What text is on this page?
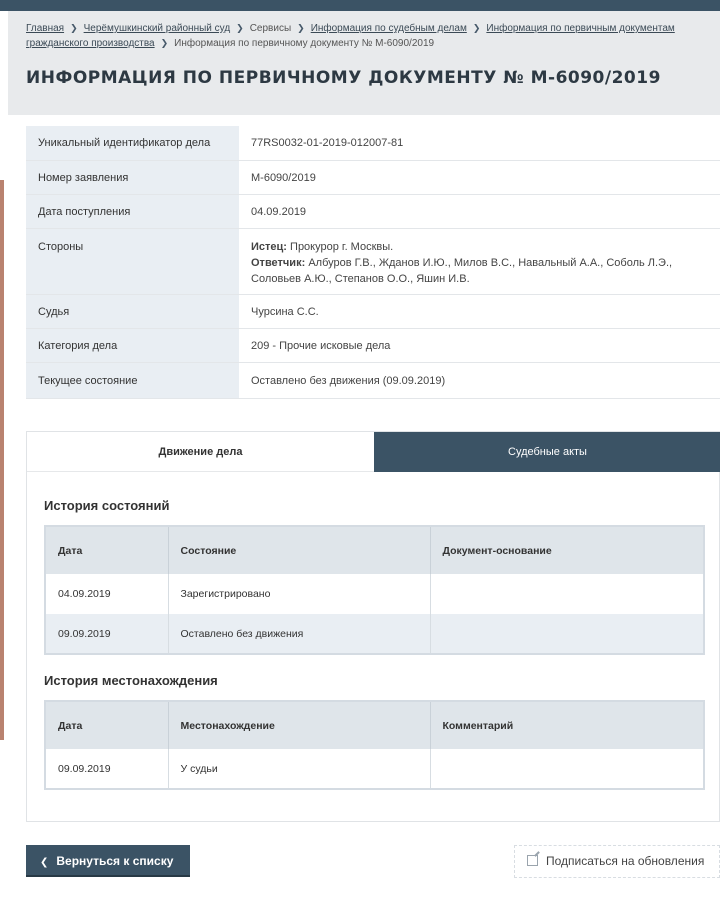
Главная ❯ Черёмушкинский районный суд ❯ Сервисы ❯ Информация по судебным делам ❯ Информация по первичным документам гражданского производства ❯ Информация по первичному документу № М-6090/2019
ИНФОРМАЦИЯ ПО ПЕРВИЧНОМУ ДОКУМЕНТУ № М-6090/2019
Уникальный идентификатор дела	77RS0032-01-2019-012007-81
Номер заявления	М-6090/2019
Дата поступления	04.09.2019
Стороны	Истец: Прокурор г. Москвы.
Ответчик: Албуров Г.В., Жданов И.Ю., Милов В.С., Навальный А.А., Соболь Л.Э., Соловьев А.Ю., Степанов О.О., Яшин И.В.
Судья	Чурсина С.С.
Категория дела	209 - Прочие исковые дела
Текущее состояние	Оставлено без движения (09.09.2019)
Движение дела	Судебные акты
История состояний
Дата	Состояние	Документ-основание
04.09.2019	Зарегистрировано	
09.09.2019	Оставлено без движения	
История местонахождения
Дата	Местонахождение	Комментарий
09.09.2019	У судьи	
❮ Вернуться к списку	Подписаться на обновления
